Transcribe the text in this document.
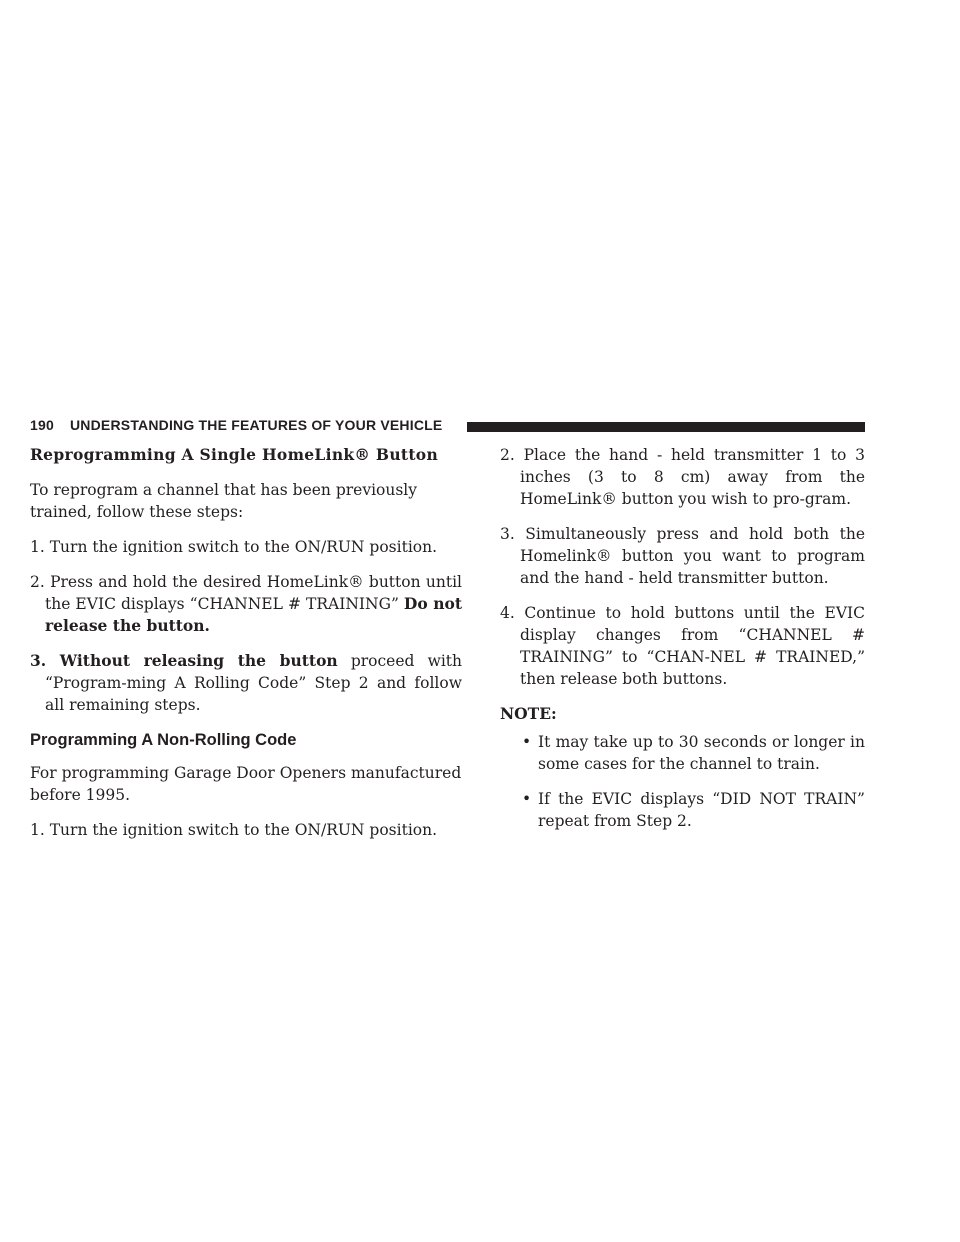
190 UNDERSTANDING THE FEATURES OF YOUR VEHICLE

Reprogramming A Single HomeLink® Button

To reprogram a channel that has been previously trained, follow these steps:

1. Turn the ignition switch to the ON/RUN position.

2. Press and hold the desired HomeLink® button until the EVIC displays “CHANNEL # TRAINING” Do not release the button.

3. Without releasing the button proceed with “Program-ming A Rolling Code” Step 2 and follow all remaining steps.

Programming A Non-Rolling Code

For programming Garage Door Openers manufactured before 1995.

1. Turn the ignition switch to the ON/RUN position.

2. Place the hand - held transmitter 1 to 3 inches (3 to 8 cm) away from the HomeLink® button you wish to pro-gram.

3. Simultaneously press and hold both the Homelink® button you want to program and the hand - held transmitter button.

4. Continue to hold buttons until the EVIC display changes from “CHANNEL # TRAINING” to “CHAN-NEL # TRAINED,” then release both buttons.

NOTE:

• It may take up to 30 seconds or longer in some cases for the channel to train.

• If the EVIC displays “DID NOT TRAIN” repeat from Step 2.
